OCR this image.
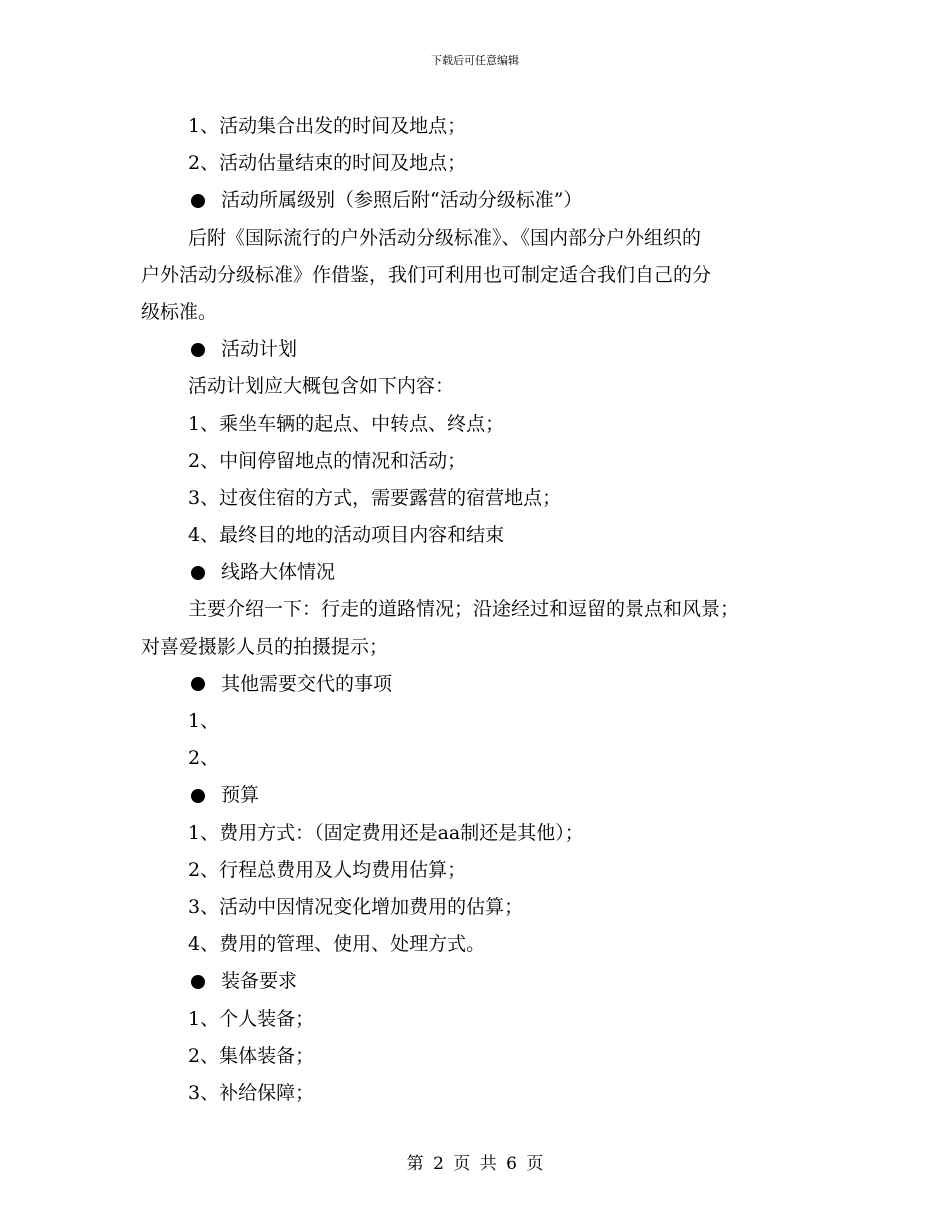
下载后可任意编辑
1、活动集合出发的时间及地点；
2、活动估量结束的时间及地点；
活动所属级别（参照后附“活动分级标准”）
后附《国际流行的户外活动分级标准》、《国内部分户外组织的
户外活动分级标准》作借鉴，我们可利用也可制定适合我们自己的分
级标准。
活动计划
活动计划应大概包含如下内容：
1、乘坐车辆的起点、中转点、终点；
2、中间停留地点的情况和活动；
3、过夜住宿的方式，需要露营的宿营地点；
4、最终目的地的活动项目内容和结束
线路大体情况
主要介绍一下：行走的道路情况；沿途经过和逗留的景点和风景；
对喜爱摄影人员的拍摄提示；
其他需要交代的事项
1、
2、
预算
1、费用方式：（固定费用还是aa制还是其他）；
2、行程总费用及人均费用估算；
3、活动中因情况变化增加费用的估算；
4、费用的管理、使用、处理方式。
装备要求
1、个人装备；
2、集体装备；
3、补给保障；
第 2 页 共 6 页
